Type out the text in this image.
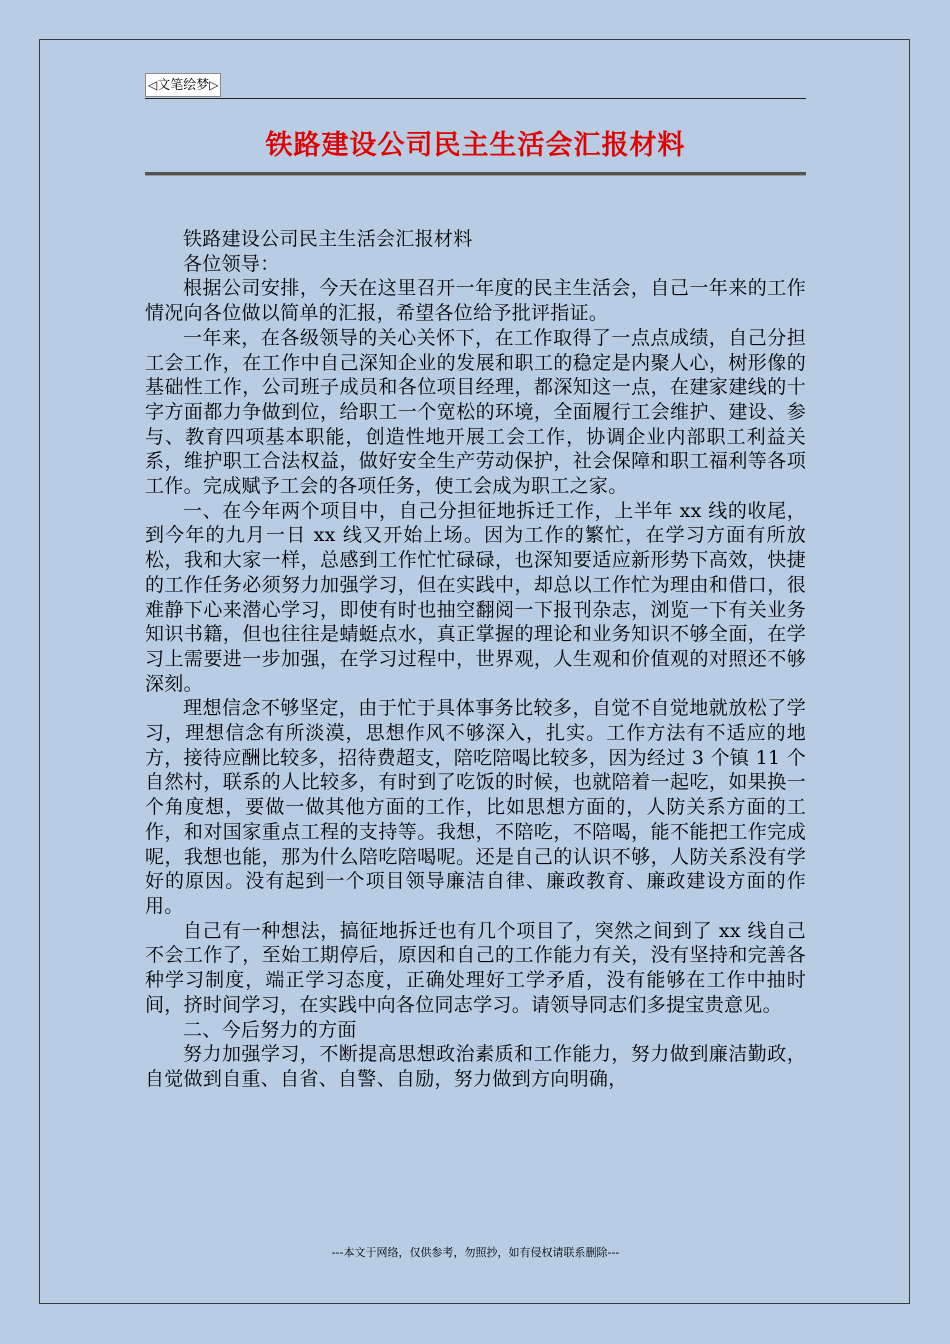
◁文笔绘梦▷
铁路建设公司民主生活会汇报材料

铁路建设公司民主生活会汇报材料

各位领导：

根据公司安排，今天在这里召开一年度的民主生活会，自己一年来的工作情况向各位做以简单的汇报，希望各位给予批评指证。

一年来，在各级领导的关心关怀下，在工作取得了一点点成绩，自己分担工会工作，在工作中自己深知企业的发展和职工的稳定是内聚人心，树形像的基础性工作，公司班子成员和各位项目经理，都深知这一点，在建家建线的十字方面都力争做到位，给职工一个宽松的环境，全面履行工会维护、建设、参与、教育四项基本职能，创造性地开展工会工作，协调企业内部职工利益关系，维护职工合法权益，做好安全生产劳动保护，社会保障和职工福利等各项工作。完成赋予工会的各项任务，使工会成为职工之家。

一、在今年两个项目中，自己分担征地拆迁工作，上半年 xx 线的收尾，到今年的九月一日 xx 线又开始上场。因为工作的繁忙，在学习方面有所放松，我和大家一样，总感到工作忙忙碌碌，也深知要适应新形势下高效，快捷的工作任务必须努力加强学习，但在实践中，却总以工作忙为理由和借口，很难静下心来潜心学习，即使有时也抽空翻阅一下报刊杂志，浏览一下有关业务知识书籍，但也往往是蜻蜓点水，真正掌握的理论和业务知识不够全面，在学习上需要进一步加强，在学习过程中，世界观，人生观和价值观的对照还不够深刻。

理想信念不够坚定，由于忙于具体事务比较多，自觉不自觉地就放松了学习，理想信念有所淡漠，思想作风不够深入，扎实。工作方法有不适应的地方，接待应酬比较多，招待费超支，陪吃陪喝比较多，因为经过 3 个镇 11 个自然村，联系的人比较多，有时到了吃饭的时候，也就陪着一起吃，如果换一个角度想，要做一做其他方面的工作，比如思想方面的，人防关系方面的工作，和对国家重点工程的支持等。我想，不陪吃，不陪喝，能不能把工作完成呢，我想也能，那为什么陪吃陪喝呢。还是自己的认识不够，人防关系没有学好的原因。没有起到一个项目领导廉洁自律、廉政教育、廉政建设方面的作用。

自己有一种想法，搞征地拆迁也有几个项目了，突然之间到了 xx 线自己不会工作了，至始工期停后，原因和自己的工作能力有关，没有坚持和完善各种学习制度，端正学习态度，正确处理好工学矛盾，没有能够在工作中抽时间，挤时间学习，在实践中向各位同志学习。请领导同志们多提宝贵意见。

二、今后努力的方面

努力加强学习，不断提高思想政治素质和工作能力，努力做到廉洁勤政，自觉做到自重、自省、自警、自励，努力做到方向明确，

---本文于网络，仅供参考，勿照抄，如有侵权请联系删除---
